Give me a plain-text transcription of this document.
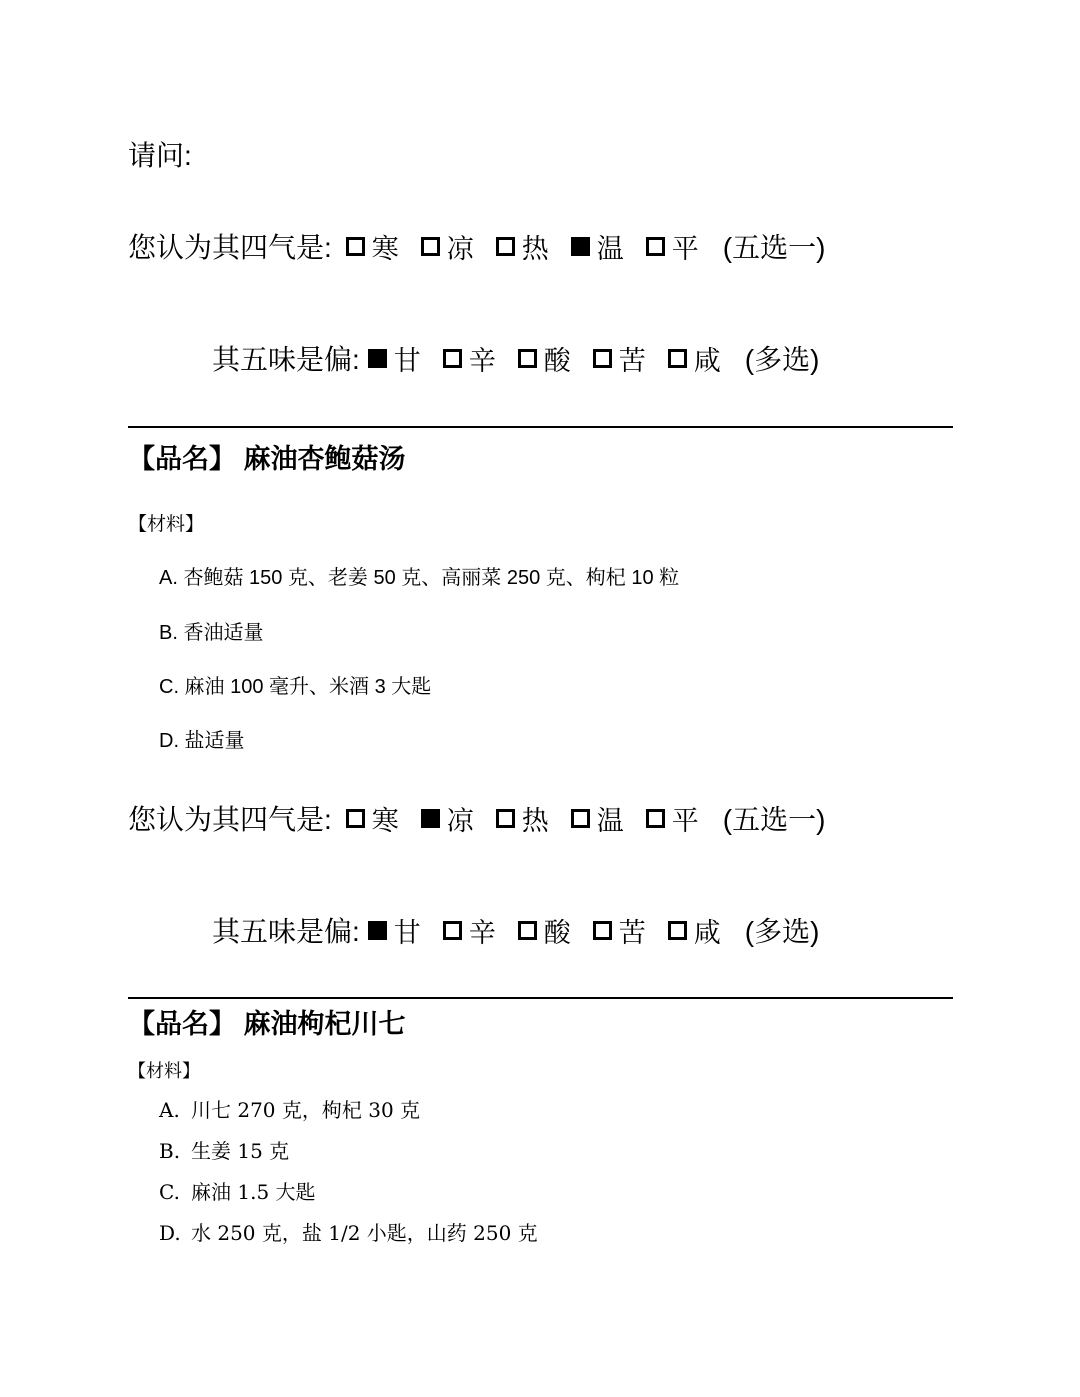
请问:
您认为其四气是: 寒 凉 热 温 平 (五选一)
其五味是偏: 甘 辛 酸 苦 咸 (多选)
【品名】 麻油杏鲍菇汤
【材料】
A. 杏鲍菇 150 克、老姜 50 克、高丽菜 250 克、枸杞 10 粒
B. 香油适量
C. 麻油 100 毫升、米酒 3 大匙
D. 盐适量
您认为其四气是: 寒 凉 热 温 平 (五选一)
其五味是偏: 甘 辛 酸 苦 咸 (多选)
【品名】 麻油枸杞川七
【材料】
A. 川七 270 克，枸杞 30 克
B. 生姜 15 克
C. 麻油 1.5 大匙
D. 水 250 克，盐 1/2 小匙，山药 250 克
